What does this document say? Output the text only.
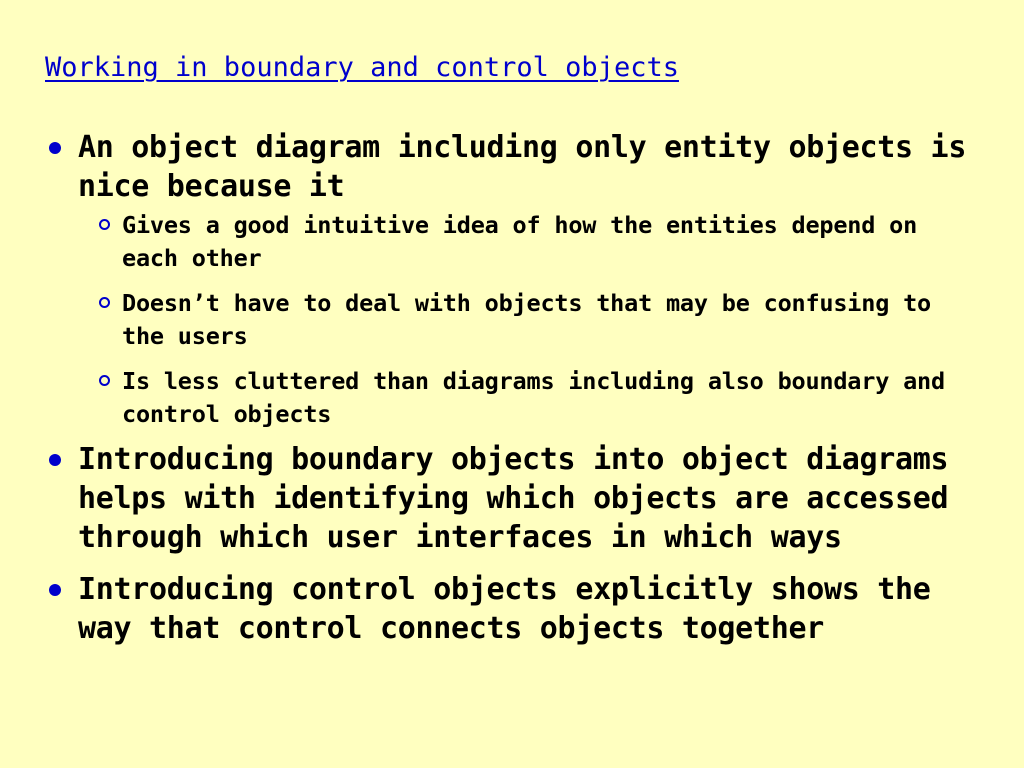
Working in boundary and control objects
An object diagram including only entity objects is nice because it
Gives a good intuitive idea of how the entities depend on each other
Doesn’t have to deal with objects that may be confusing to the users
Is less cluttered than diagrams including also boundary and control objects
Introducing boundary objects into object diagrams helps with identifying which objects are accessed through which user interfaces in which ways
Introducing control objects explicitly shows the way that control connects objects together
